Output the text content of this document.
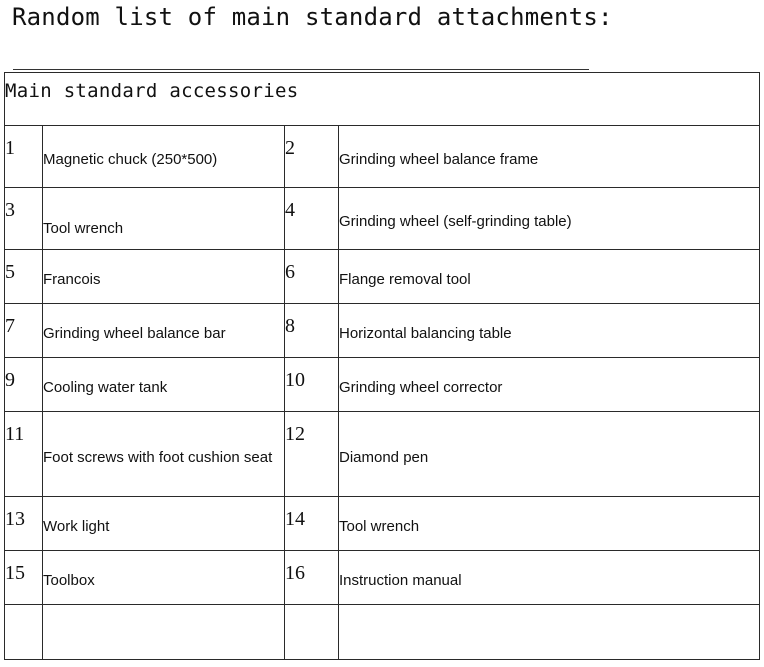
Random list of main standard attachments:
Main standard accessories			

1	Magnetic chuck (250*500)	2	Grinding wheel balance frame

3	Tool wrench	4	Grinding wheel (self-grinding table)

5	Francois	6	Flange removal tool

7	Grinding wheel balance bar	8	Horizontal balancing table

9	Cooling water tank	10	Grinding wheel corrector

11	Foot screws with foot cushion seat	12	Diamond pen

13	Work light	14	Tool wrench

15	Toolbox	16	Instruction manual
